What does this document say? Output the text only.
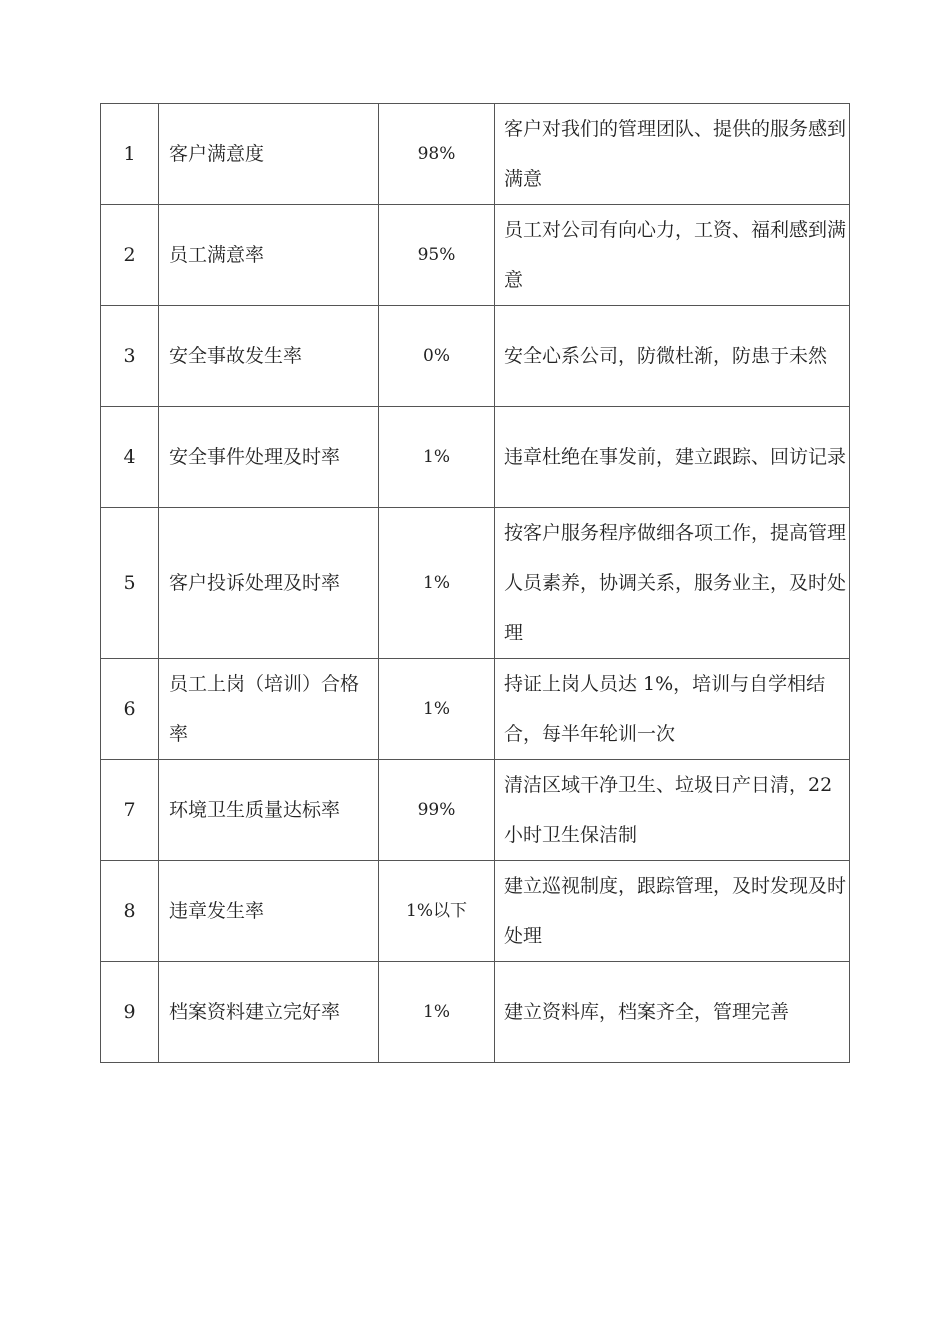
1	客户满意度	98%	客户对我们的管理团队、提供的服务感到满意
2	员工满意率	95%	员工对公司有向心力，工资、福利感到满意
3	安全事故发生率	0%	安全心系公司，防微杜渐，防患于未然
4	安全事件处理及时率	1%	违章杜绝在事发前，建立跟踪、回访记录
5	客户投诉处理及时率	1%	按客户服务程序做细各项工作，提高管理人员素养，协调关系，服务业主，及时处理
6	员工上岗（培训）合格率	1%	持证上岗人员达 1%，培训与自学相结合，每半年轮训一次
7	环境卫生质量达标率	99%	清洁区域干净卫生、垃圾日产日清，22 小时卫生保洁制
8	违章发生率	1%以下	建立巡视制度，跟踪管理，及时发现及时处理
9	档案资料建立完好率	1%	建立资料库，档案齐全，管理完善
